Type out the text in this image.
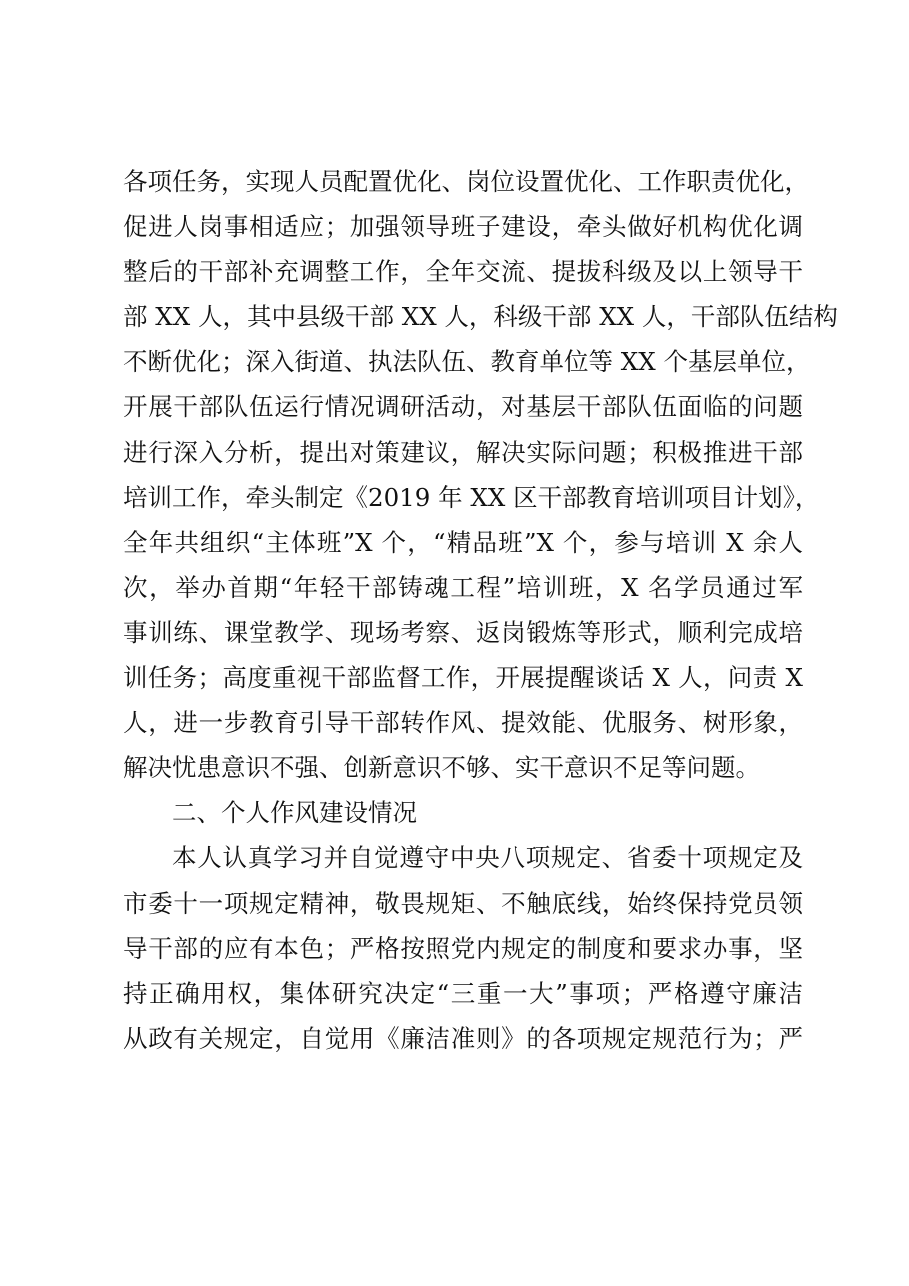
各项任务，实现人员配置优化、岗位设置优化、工作职责优化，
促进人岗事相适应；加强领导班子建设，牵头做好机构优化调
整后的干部补充调整工作，全年交流、提拔科级及以上领导干
部 XX 人，其中县级干部 XX 人，科级干部 XX 人，干部队伍结构
不断优化；深入街道、执法队伍、教育单位等 XX 个基层单位，
开展干部队伍运行情况调研活动，对基层干部队伍面临的问题
进行深入分析，提出对策建议，解决实际问题；积极推进干部
培训工作，牵头制定《2019 年 XX 区干部教育培训项目计划》，
全年共组织“主体班”X 个，“精品班”X 个，参与培训 X 余人
次，举办首期“年轻干部铸魂工程”培训班，X 名学员通过军
事训练、课堂教学、现场考察、返岗锻炼等形式，顺利完成培
训任务；高度重视干部监督工作，开展提醒谈话 X 人，问责 X
人，进一步教育引导干部转作风、提效能、优服务、树形象，
解决忧患意识不强、创新意识不够、实干意识不足等问题。
二、个人作风建设情况
本人认真学习并自觉遵守中央八项规定、省委十项规定及
市委十一项规定精神，敬畏规矩、不触底线，始终保持党员领
导干部的应有本色；严格按照党内规定的制度和要求办事，坚
持正确用权，集体研究决定“三重一大”事项；严格遵守廉洁
从政有关规定，自觉用《廉洁准则》的各项规定规范行为；严
